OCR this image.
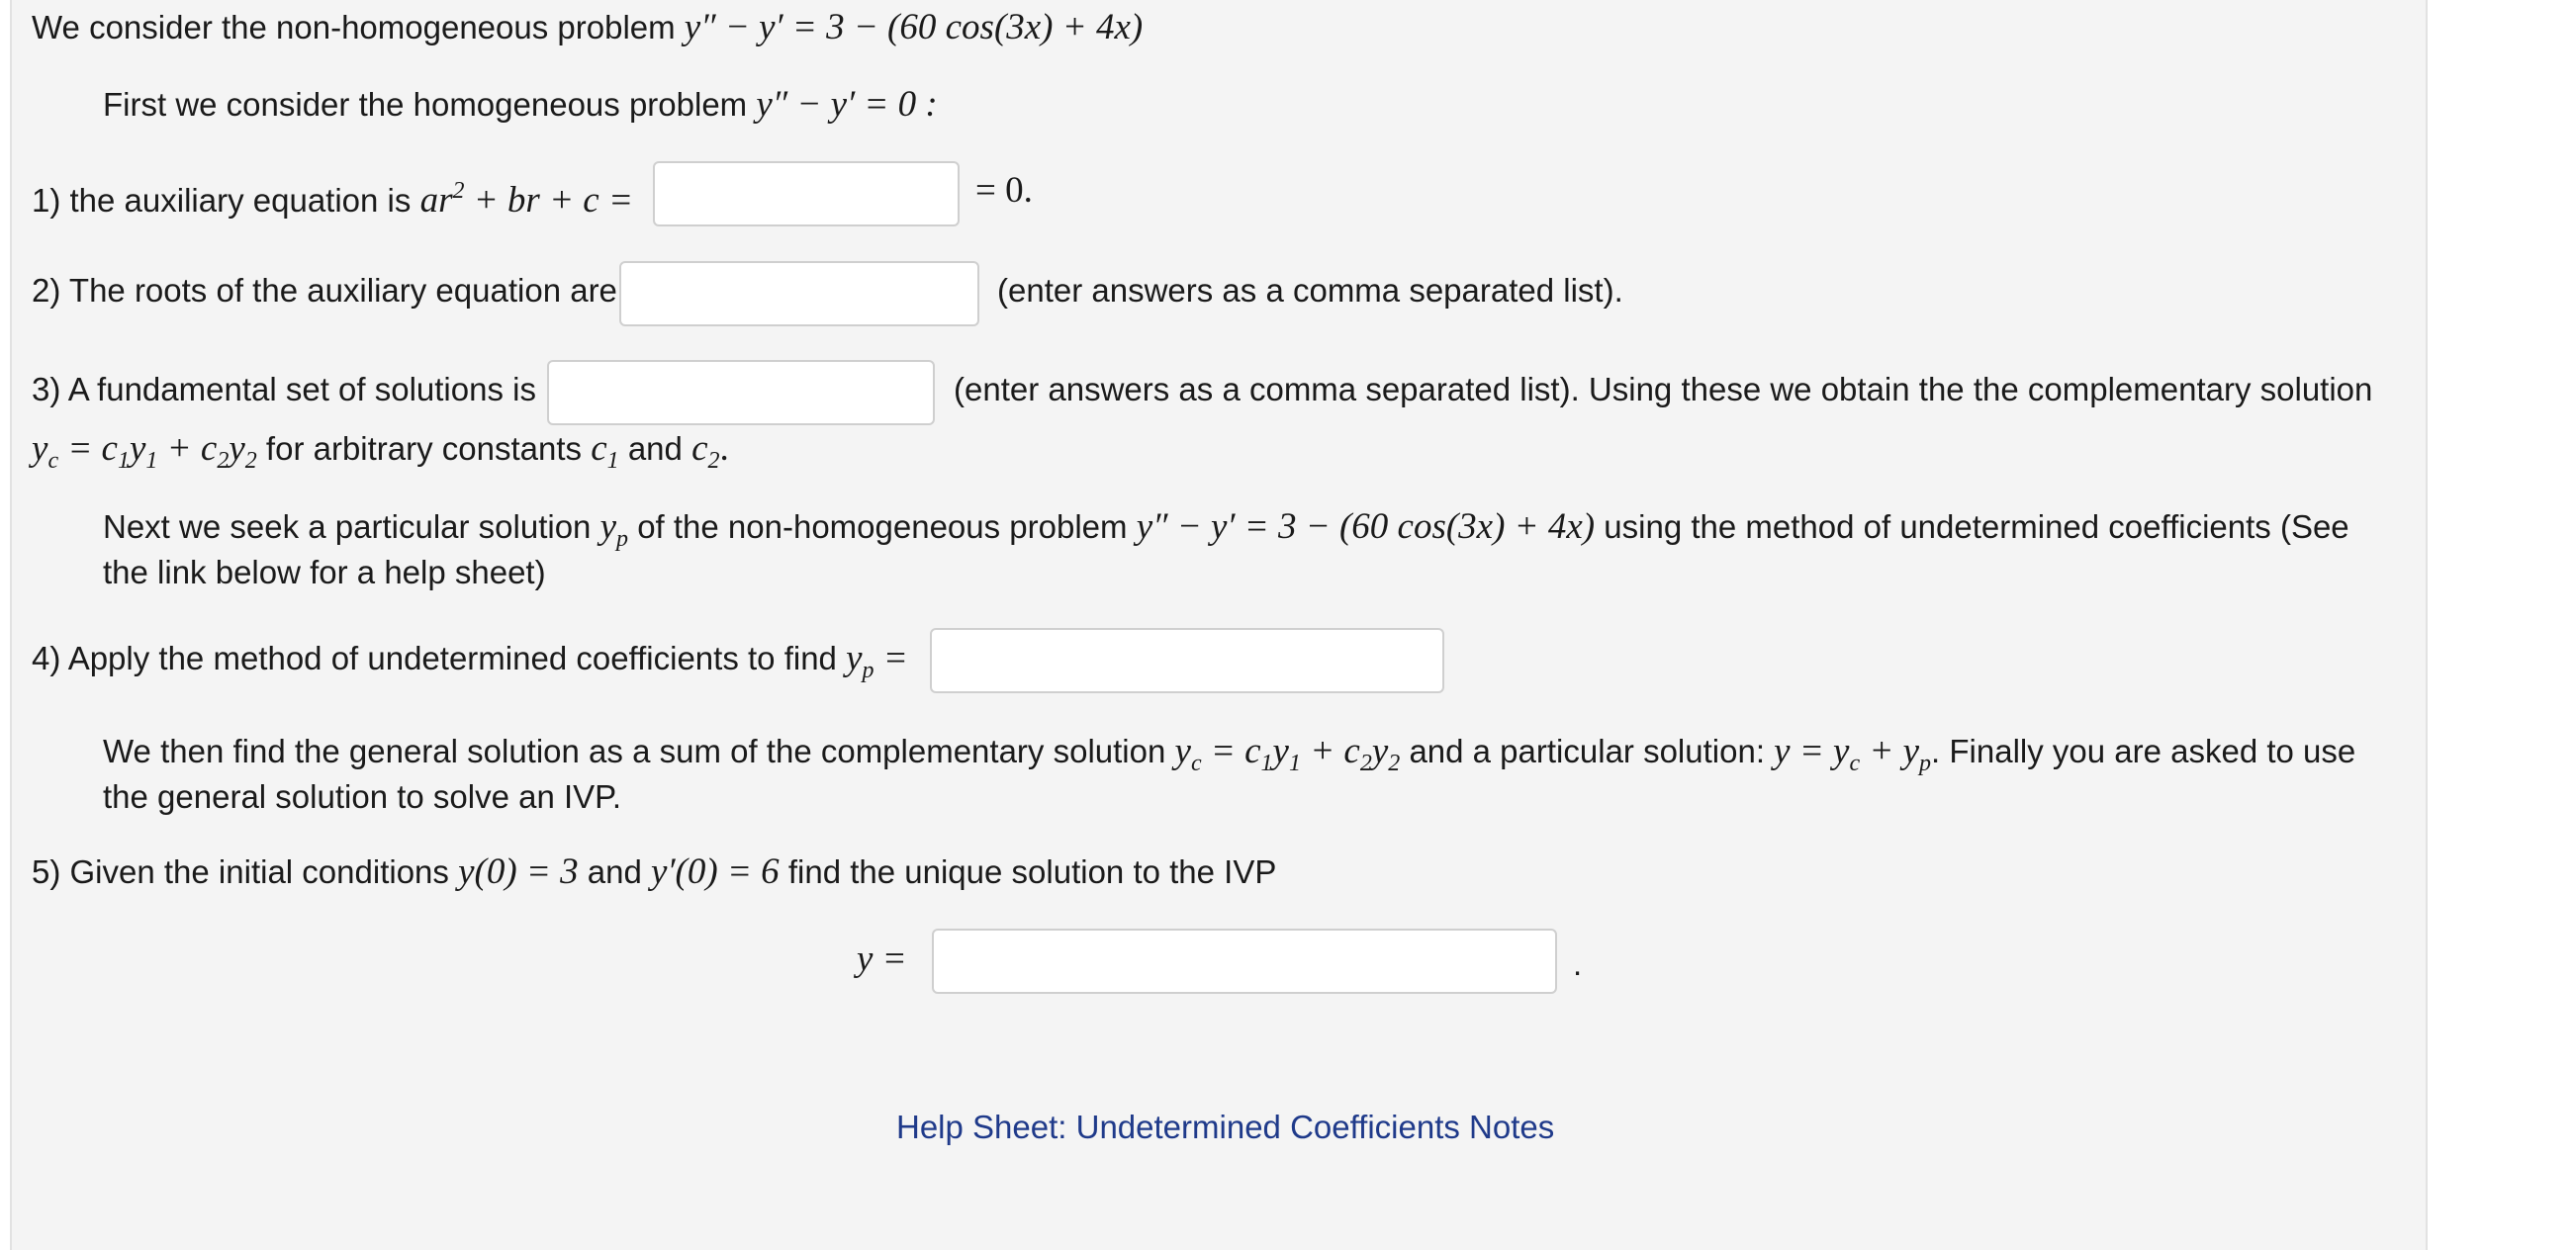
We consider the non-homogeneous problem y″ − y′ = 3 − (60 cos(3x) + 4x)
First we consider the homogeneous problem y″ − y′ = 0 :
1) the auxiliary equation is $ar^2$ + br + c =	= 0.
2) The roots of the auxiliary equation are	(enter answers as a comma separated list).
3) A fundamental set of solutions is	(enter answers as a comma separated list). Using these we obtain the the complementary solution
$y_c = c_1y_1 + c_2y_2$ for arbitrary constants $c_1$ and $c_2$.
Next we seek a particular solution $y_p$ of the non-homogeneous problem y″ − y′ = 3 − (60 cos(3x) + 4x) using the method of undetermined coefficients (See
the link below for a help sheet)
4) Apply the method of undetermined coefficients to find $y_p$ =
We then find the general solution as a sum of the complementary solution $y_c = c_1y_1 + c_2y_2$ and a particular solution: $y = y_c + y_p$. Finally you are asked to use
the general solution to solve an IVP.
5) Given the initial conditions y(0) = 3 and y′(0) = 6 find the unique solution to the IVP
y =	.
Help Sheet: Undetermined Coefficients Notes
